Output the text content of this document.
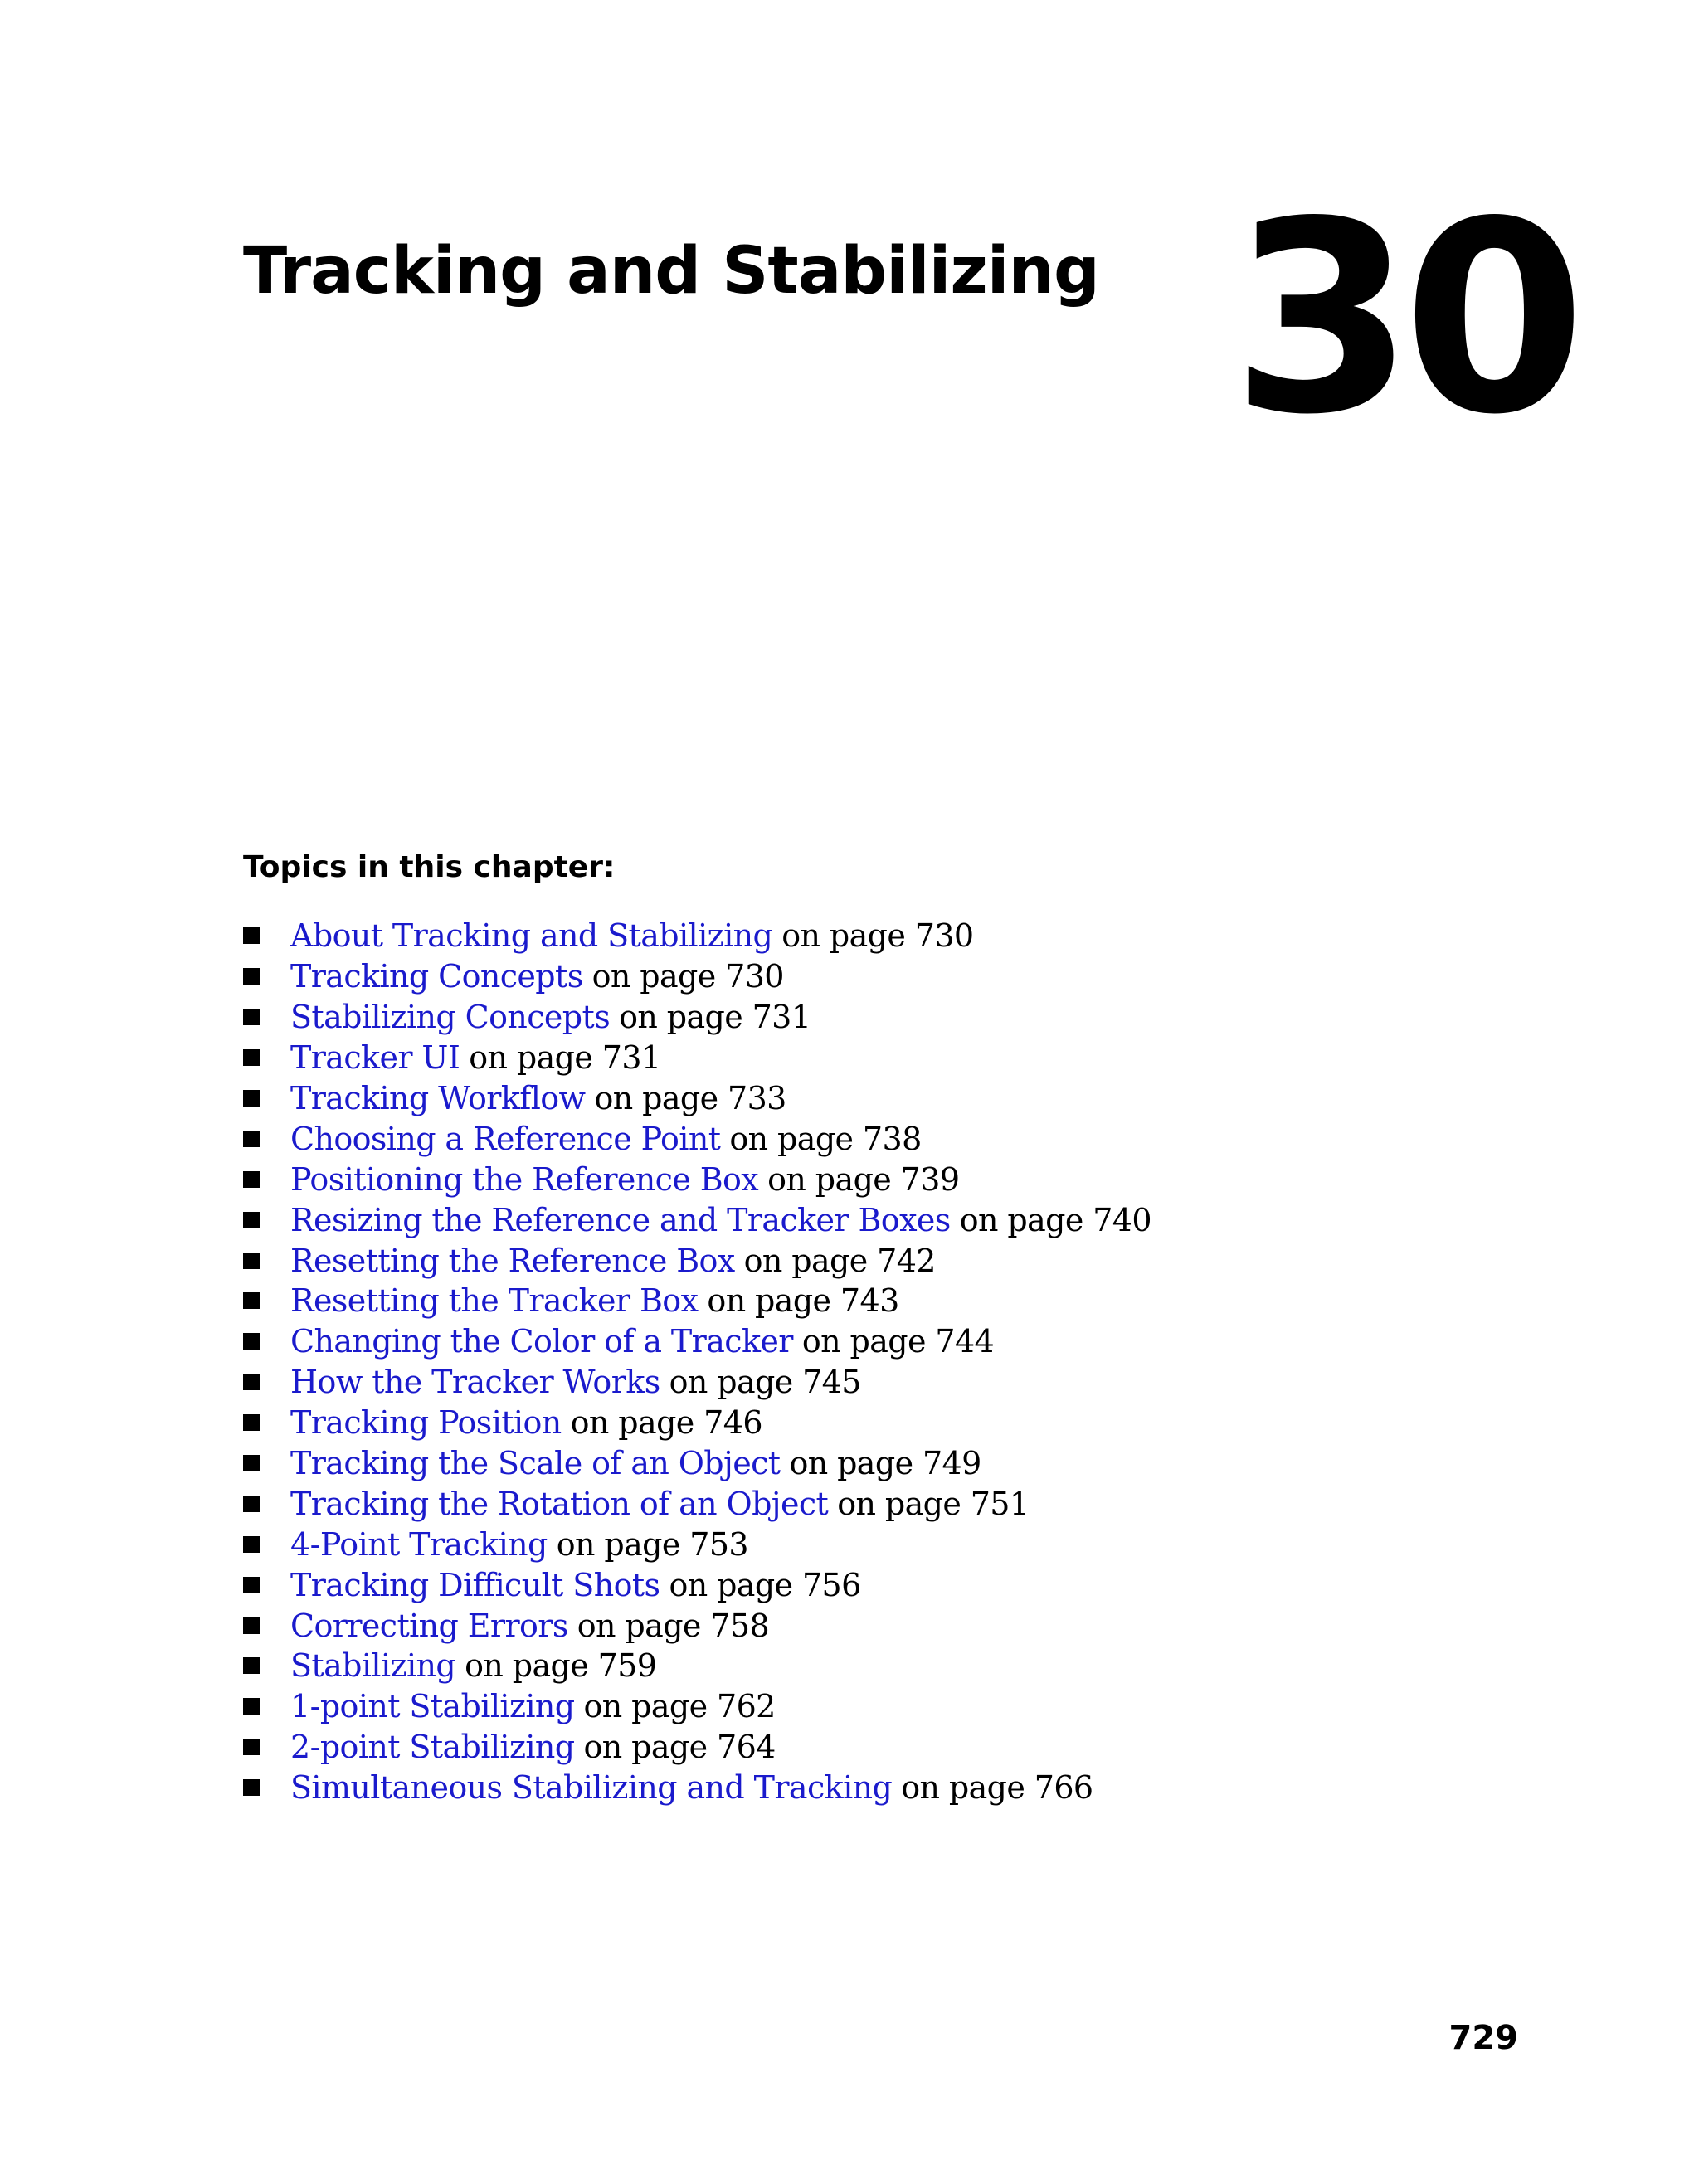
Tracking and Stabilizing 30
Topics in this chapter:
About Tracking and Stabilizing on page 730
Tracking Concepts on page 730
Stabilizing Concepts on page 731
Tracker UI on page 731
Tracking Workflow on page 733
Choosing a Reference Point on page 738
Positioning the Reference Box on page 739
Resizing the Reference and Tracker Boxes on page 740
Resetting the Reference Box on page 742
Resetting the Tracker Box on page 743
Changing the Color of a Tracker on page 744
How the Tracker Works on page 745
Tracking Position on page 746
Tracking the Scale of an Object on page 749
Tracking the Rotation of an Object on page 751
4-Point Tracking on page 753
Tracking Difficult Shots on page 756
Correcting Errors on page 758
Stabilizing on page 759
1-point Stabilizing on page 762
2-point Stabilizing on page 764
Simultaneous Stabilizing and Tracking on page 766
729
